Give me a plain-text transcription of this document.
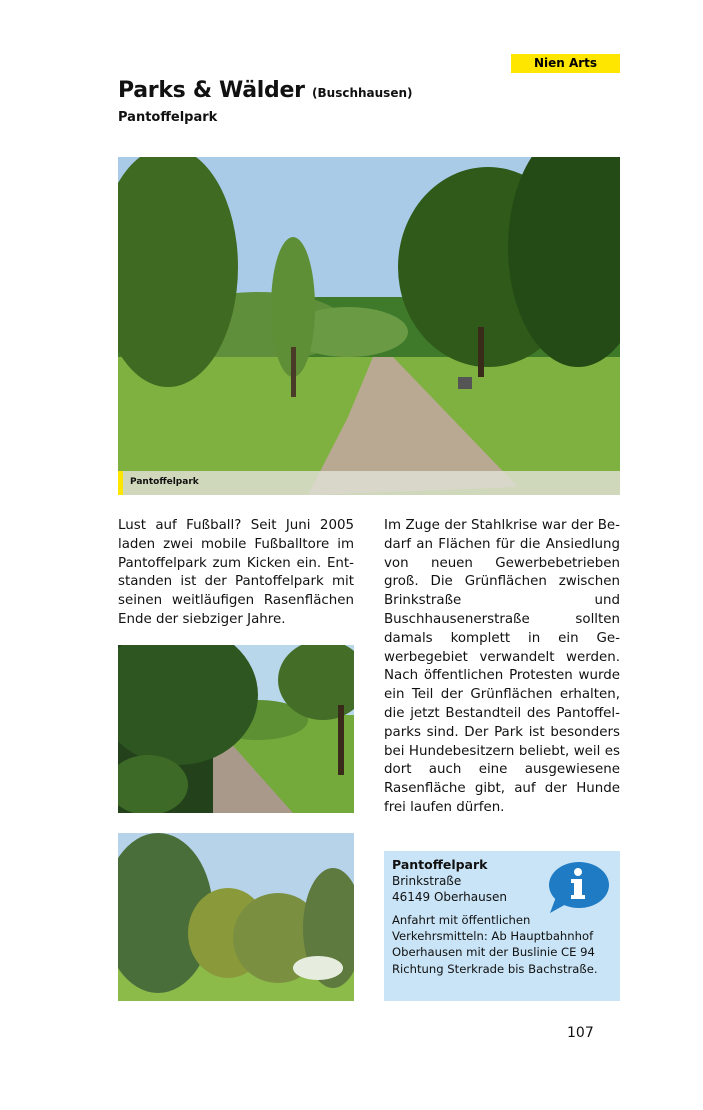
Nien Arts
Parks & Wälder (Buschhausen)
Pantoffelpark
Pantoffelpark
Lust auf Fußball? Seit Juni 2005 laden zwei mobile Fußballtore im Pantoffelpark zum Kicken ein. Entstanden ist der Pantoffelpark mit seinen weitläufigen Rasenflächen Ende der siebziger Jahre.
Im Zuge der Stahlkrise war der Bedarf an Flächen für die Ansiedlung von neuen Gewerbebetrieben groß. Die Grünflächen zwischen Brinkstraße und Buschhausenerstraße sollten damals komplett in ein Gewerbegebiet verwandelt werden. Nach öffentlichen Protesten wurde ein Teil der Grünflächen erhalten, die jetzt Bestandteil des Pantoffelparks sind. Der Park ist besonders bei Hundebesitzern beliebt, weil es dort auch eine ausgewiesene Rasenfläche gibt, auf der Hunde frei laufen dürfen.
Pantoffelpark
Brinkstraße
46149 Oberhausen
Anfahrt mit öffentlichen Verkehrsmitteln: Ab Hauptbahnhof Oberhausen mit der Buslinie CE 94 Richtung Sterkrade bis Bachstraße.
107
